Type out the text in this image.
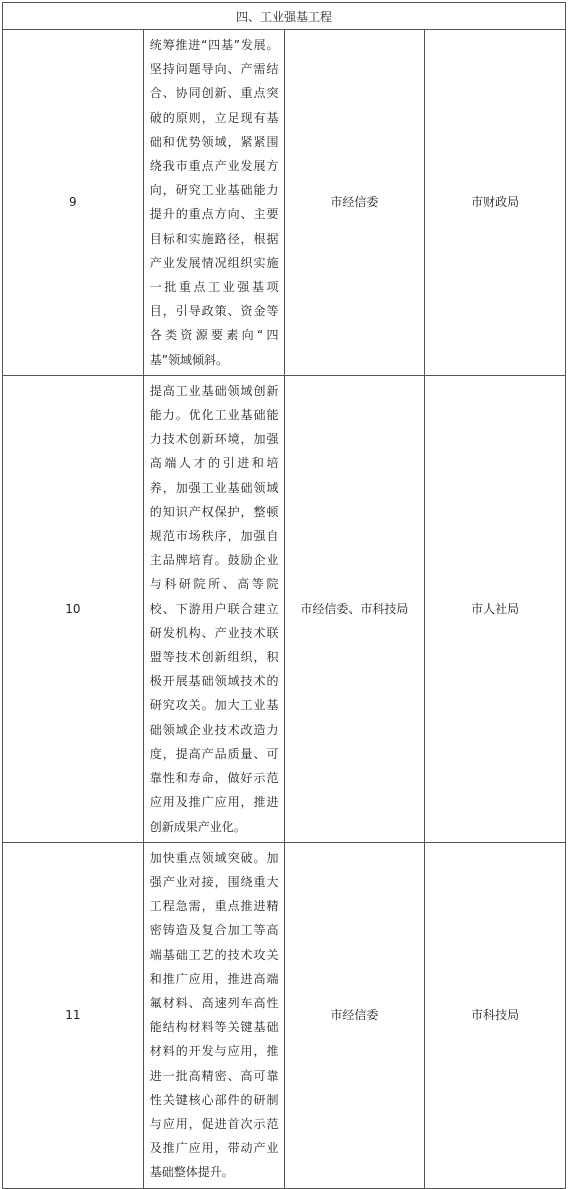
四、工业强基工程			
9	统筹推进“四基”发展。坚持问题导向、产需结合、协同创新、重点突破的原则，立足现有基础和优势领域，紧紧围绕我市重点产业发展方向，研究工业基础能力提升的重点方向、主要目标和实施路径，根据产业发展情况组织实施一批重点工业强基项目，引导政策、资金等各类资源要素向“四基”领域倾斜。	市经信委	市财政局
10	提高工业基础领域创新能力。优化工业基础能力技术创新环境，加强高端人才的引进和培养，加强工业基础领域的知识产权保护，整顿规范市场秩序，加强自主品牌培育。鼓励企业与科研院所、高等院校、下游用户联合建立研发机构、产业技术联盟等技术创新组织，积极开展基础领域技术的研究攻关。加大工业基础领域企业技术改造力度，提高产品质量、可靠性和寿命，做好示范应用及推广应用，推进创新成果产业化。	市经信委、市科技局	市人社局
11	加快重点领域突破。加强产业对接，围绕重大工程急需，重点推进精密铸造及复合加工等高端基础工艺的技术攻关和推广应用，推进高端氟材料、高速列车高性能结构材料等关键基础材料的开发与应用，推进一批高精密、高可靠性关键核心部件的研制与应用，促进首次示范及推广应用，带动产业基础整体提升。	市经信委	市科技局
